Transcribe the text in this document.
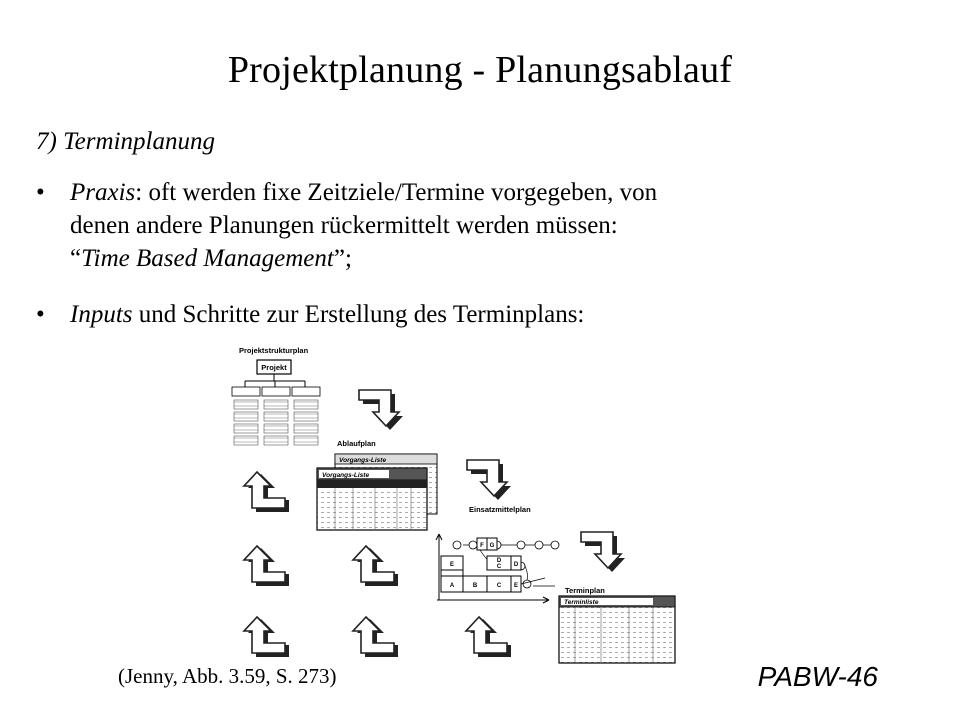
Projektplanung - Planungsablauf
7) Terminplanung
• Praxis: oft werden fixe Zeitziele/Termine vorgegeben, von
denen andere Planungen rückermittelt werden müssen:
“Time Based Management”;
• Inputs und Schritte zur Erstellung des Terminplans:
Projektstrukturplan
Projekt
Ablaufplan
Vorgangs-Liste
Vorgangs-Liste
Einsatzmittelplan
F G
E
D
C D
A	B	C E	Terminplan
Terminliste
(Jenny, Abb. 3.59, S. 273)	PABW-46
